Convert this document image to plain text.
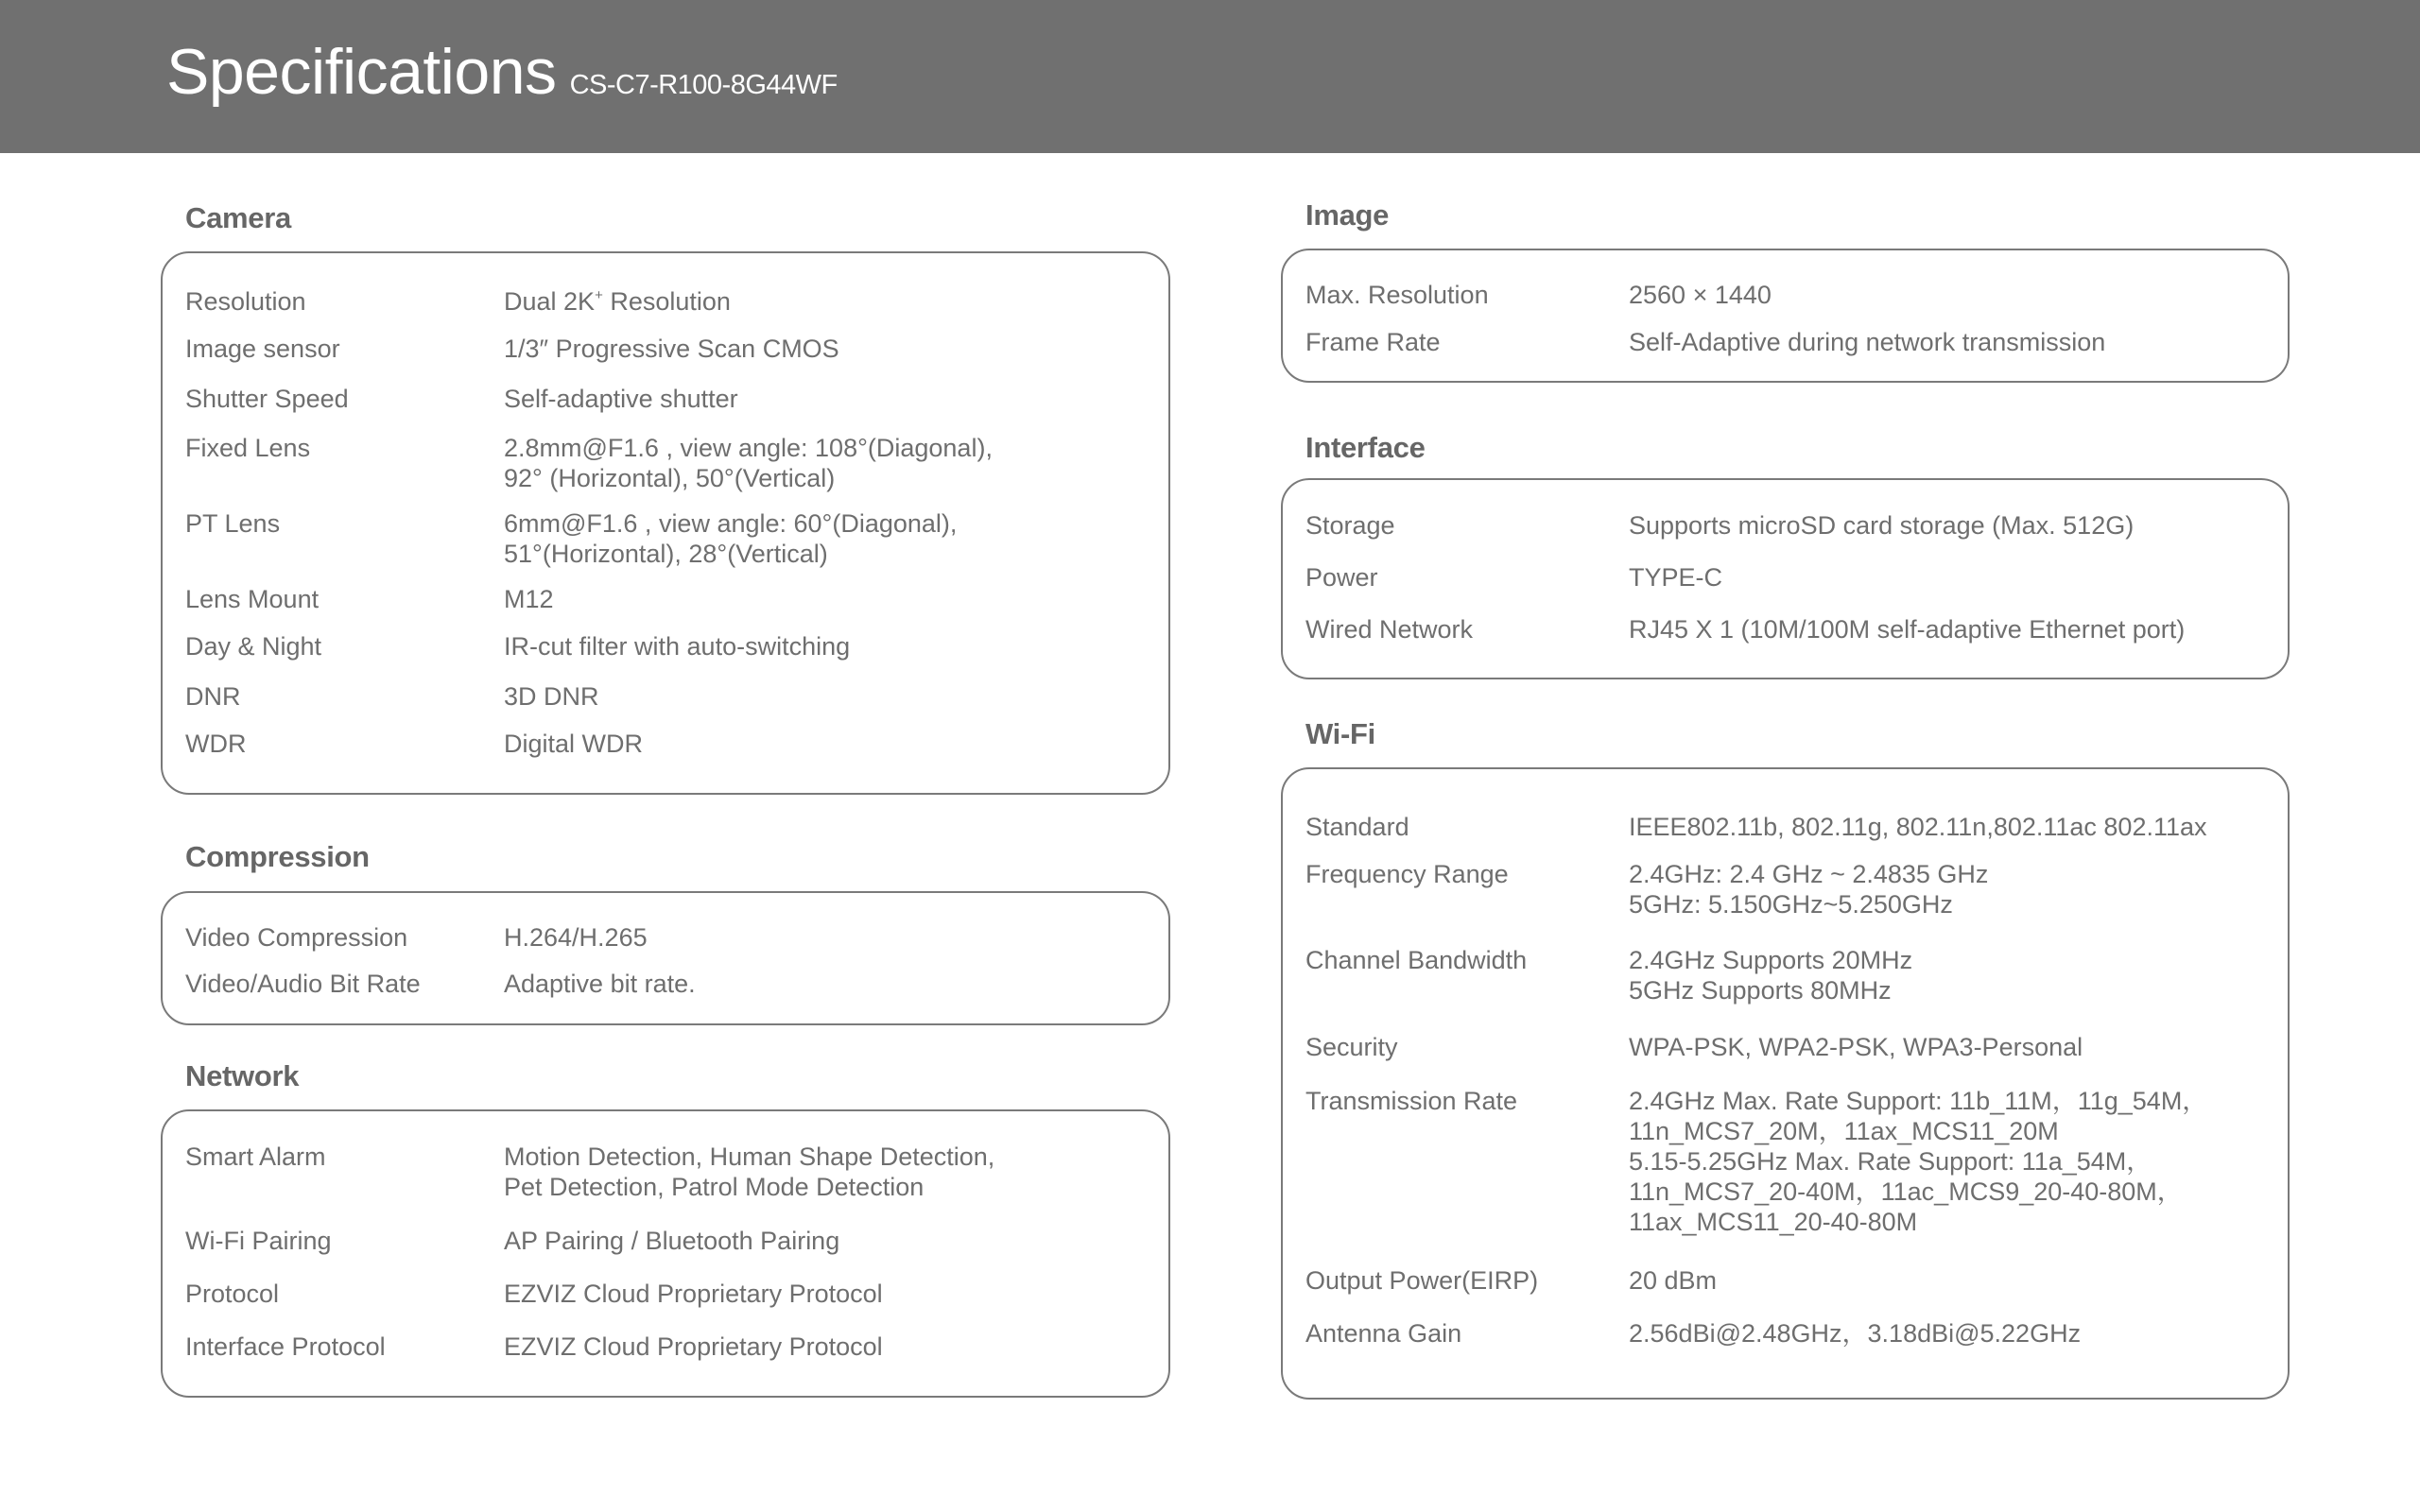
Specifications CS-C7-R100-8G44WF
Camera
Resolution	Dual 2K+ Resolution
Image sensor	1/3″ Progressive Scan CMOS
Shutter Speed	Self-adaptive shutter
Fixed Lens	2.8mm@F1.6 , view angle: 108°(Diagonal),
92° (Horizontal), 50°(Vertical)
PT Lens	6mm@F1.6 , view angle: 60°(Diagonal),
51°(Horizontal), 28°(Vertical)
Lens Mount	M12
Day & Night	IR-cut filter with auto-switching
DNR	3D DNR
WDR	Digital WDR
Compression
Video Compression	H.264/H.265
Video/Audio Bit Rate	Adaptive bit rate.
Network
Smart Alarm	Motion Detection, Human Shape Detection,
Pet Detection, Patrol Mode Detection
Wi-Fi Pairing	AP Pairing / Bluetooth Pairing
Protocol	EZVIZ Cloud Proprietary Protocol
Interface Protocol	EZVIZ Cloud Proprietary Protocol
Image
Max. Resolution	2560 × 1440
Frame Rate	Self-Adaptive during network transmission
Interface
Storage	Supports microSD card storage (Max. 512G)
Power	TYPE-C
Wired Network	RJ45 X 1 (10M/100M self-adaptive Ethernet port)
Wi-Fi
Standard	IEEE802.11b, 802.11g, 802.11n,802.11ac 802.11ax
Frequency Range	2.4GHz: 2.4 GHz ~ 2.4835 GHz
5GHz: 5.150GHz~5.250GHz
Channel Bandwidth	2.4GHz Supports 20MHz
5GHz Supports 80MHz
Security	WPA-PSK, WPA2-PSK, WPA3-Personal
Transmission Rate	2.4GHz Max. Rate Support: 11b_11M，11g_54M，
11n_MCS7_20M，11ax_MCS11_20M
5.15-5.25GHz Max. Rate Support: 11a_54M，
11n_MCS7_20-40M，11ac_MCS9_20-40-80M，
11ax_MCS11_20-40-80M
Output Power(EIRP)	20 dBm
Antenna Gain	2.56dBi@2.48GHz，3.18dBi@5.22GHz
